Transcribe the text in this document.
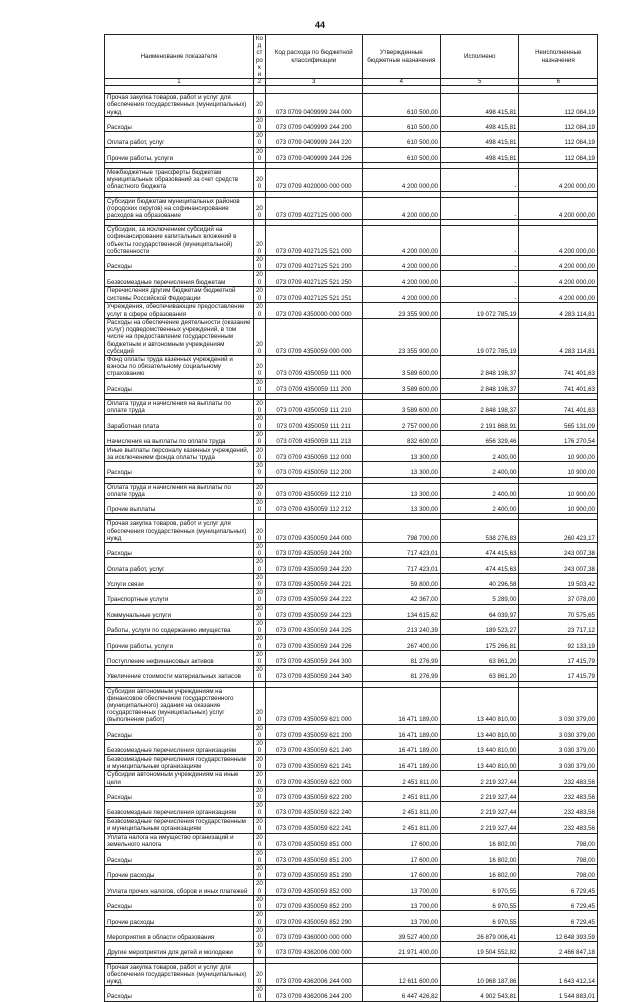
44
Наименование показателя	Код строк и	Код расхода по бюджетной классификации	Утвержденные бюджетные назначения	Исполнено	Неисполненные назначения
1	2	3	4	5	6

Прочая закупка товаров, работ и услуг для обеспечения государственных (муниципальных) нужд	200	073 0709 0409999 244 000	610 500,00	498 415,81	112 084,19
Расходы	200	073 0709 0409999 244 200	610 500,00	498 415,81	112 084,19
Оплата работ, услуг	200	073 0709 0409999 244 220	610 500,00	498 415,81	112 084,19
Прочие работы, услуги	200	073 0709 0409999 244 226	610 500,00	498 415,81	112 084,19

Межбюджетные трансферты бюджетам муниципальных образований за счет средств областного бюджета	200	073 0709 4020000 000 000	4 200 000,00	-	4 200 000,00

Субсидии бюджетам муниципальных районов (городских округов) на софинансирование расходов на образование	200	073 0709 4027125 000 000	4 200 000,00	-	4 200 000,00

Субсидии, за исключением субсидий на софинансирование капитальных вложений в объекты государственной (муниципальной) собственности	200	073 0709 4027125 521 000	4 200 000,00	-	4 200 000,00
Расходы	200	073 0709 4027125 521 200	4 200 000,00	-	4 200 000,00
Безвозмездные перечисления бюджетам	200	073 0709 4027125 521 250	4 200 000,00	-	4 200 000,00
Перечисления другим бюджетам бюджетной системы Российской Федерации	200	073 0709 4027125 521 251	4 200 000,00	-	4 200 000,00
Учреждения, обеспечивающие предоставление услуг в сфере образования	200	073 0709 4350000 000 000	23 355 900,00	19 072 785,19	4 283 114,81
Расходы на обеспечение деятельности (оказание услуг) подведомственных учреждений, в том числе на предоставление государственным бюджетным и автономным учреждениям субсидий	200	073 0709 4350059 000 000	23 355 900,00	19 072 785,19	4 283 114,81
Фонд оплаты труда казенных учреждений и взносы по обязательному социальному страхованию	200	073 0709 4350059 111 000	3 589 600,00	2 848 198,37	741 401,63
Расходы	200	073 0709 4350059 111 200	3 589 600,00	2 848 198,37	741 401,63

Оплата труда и начисления на выплаты по оплате труда	200	073 0709 4350059 111 210	3 589 600,00	2 848 198,37	741 401,63
Заработная плата	200	073 0709 4350059 111 211	2 757 000,00	2 191 868,91	565 131,09
Начисления на выплаты по оплате труда	200	073 0709 4350059 111 213	832 600,00	656 329,46	176 270,54
Иные выплаты персоналу казенных учреждений, за исключением фонда оплаты труда	200	073 0709 4350059 112 000	13 300,00	2 400,00	10 900,00
Расходы	200	073 0709 4350059 112 200	13 300,00	2 400,00	10 900,00

Оплата труда и начисления на выплаты по оплате труда	200	073 0709 4350059 112 210	13 300,00	2 400,00	10 900,00
Прочие выплаты	200	073 0709 4350059 112 212	13 300,00	2 400,00	10 900,00

Прочая закупка товаров, работ и услуг для обеспечения государственных (муниципальных) нужд	200	073 0709 4350059 244 000	798 700,00	538 276,83	260 423,17
Расходы	200	073 0709 4350059 244 200	717 423,01	474 415,63	243 007,38
Оплата работ, услуг	200	073 0709 4350059 244 220	717 423,01	474 415,63	243 007,38
Услуги связи	200	073 0709 4350059 244 221	59 800,00	40 296,58	19 503,42
Транспортные услуги	200	073 0709 4350059 244 222	42 367,00	5 289,00	37 078,00
Коммунальные услуги	200	073 0709 4350059 244 223	134 615,62	64 039,97	70 575,65
Работы, услуги по содержанию имущества	200	073 0709 4350059 244 225	213 240,39	189 523,27	23 717,12
Прочие работы, услуги	200	073 0709 4350059 244 226	267 400,00	175 266,81	92 133,19
Поступление нефинансовых активов	200	073 0709 4350059 244 300	81 276,99	63 861,20	17 415,79
Увеличение стоимости материальных запасов	200	073 0709 4350059 244 340	81 276,99	63 861,20	17 415,79

Субсидии автономным учреждениям на финансовое обеспечение государственного (муниципального) задания на оказание государственных (муниципальных) услуг (выполнение работ)	200	073 0709 4350059 621 000	16 471 189,00	13 440 810,00	3 030 379,00
Расходы	200	073 0709 4350059 621 200	16 471 189,00	13 440 810,00	3 030 379,00
Безвозмездные перечисления организациям	200	073 0709 4350059 621 240	16 471 189,00	13 440 810,00	3 030 379,00
Безвозмездные перечисления государственным и муниципальным организациям	200	073 0709 4350059 621 241	16 471 189,00	13 440 810,00	3 030 379,00
Субсидии автономным учреждениям на иные цели	200	073 0709 4350059 622 000	2 451 811,00	2 219 327,44	232 483,56
Расходы	200	073 0709 4350059 622 200	2 451 811,00	2 219 327,44	232 483,56
Безвозмездные перечисления организациям	200	073 0709 4350059 622 240	2 451 811,00	2 219 327,44	232 483,56
Безвозмездные перечисления государственным и муниципальным организациям	200	073 0709 4350059 622 241	2 451 811,00	2 219 327,44	232 483,56
Уплата налога на имущество организаций и земельного налога	200	073 0709 4350059 851 000	17 600,00	16 802,00	798,00
Расходы	200	073 0709 4350059 851 200	17 600,00	16 802,00	798,00
Прочие расходы	200	073 0709 4350059 851 290	17 600,00	16 802,00	798,00
Уплата прочих налогов, сборов и иных платежей	200	073 0709 4350059 852 000	13 700,00	6 970,55	6 729,45
Расходы	200	073 0709 4350059 852 200	13 700,00	6 970,55	6 729,45
Прочие расходы	200	073 0709 4350059 852 290	13 700,00	6 970,55	6 729,45
Мероприятия в области образования	200	073 0709 4360000 000 000	39 527 400,00	26 879 006,41	12 648 393,59
Другие мероприятия для детей и молодежи	200	073 0709 4362006 000 000	21 971 400,00	19 504 552,82	2 466 847,18

Прочая закупка товаров, работ и услуг для обеспечения государственных (муниципальных) нужд	200	073 0709 4362006 244 000	12 611 600,00	10 968 187,86	1 643 412,14
Расходы	200	073 0709 4362006 244 200	6 447 426,82	4 902 543,81	1 544 883,01
